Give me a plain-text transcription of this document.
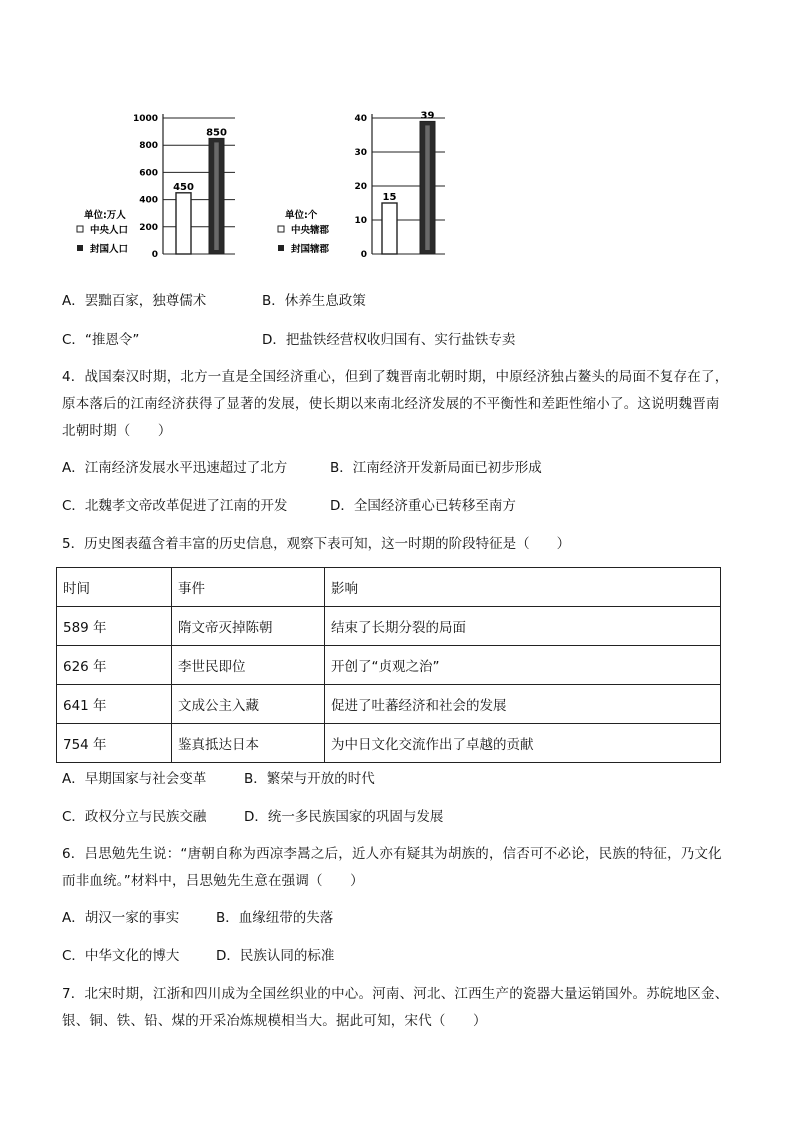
1000
800
600
400
200
0
450
850
单位:万人
中央人口
封国人口
40
30
20
10
0
15
39
单位:个
中央辖郡
封国辖郡
A．罢黜百家，独尊儒术	B．休养生息政策
C．“推恩令”	D．把盐铁经营权收归国有、实行盐铁专卖
4．战国秦汉时期，北方一直是全国经济重心，但到了魏晋南北朝时期，中原经济独占鳌头的局面不复存在了，
原本落后的江南经济获得了显著的发展，使长期以来南北经济发展的不平衡性和差距性缩小了。这说明魏晋南
北朝时期（　　）
A．江南经济发展水平迅速超过了北方	B．江南经济开发新局面已初步形成
C．北魏孝文帝改革促进了江南的开发	D．全国经济重心已转移至南方
5．历史图表蕴含着丰富的历史信息，观察下表可知，这一时期的阶段特征是（　　）
时间	事件	影响
589 年	隋文帝灭掉陈朝	结束了长期分裂的局面
626 年	李世民即位	开创了“贞观之治”
641 年	文成公主入藏	促进了吐蕃经济和社会的发展
754 年	鉴真抵达日本	为中日文化交流作出了卓越的贡献
A．早期国家与社会变革	B．繁荣与开放的时代
C．政权分立与民族交融	D．统一多民族国家的巩固与发展
6．吕思勉先生说：“唐朝自称为西凉李暠之后，近人亦有疑其为胡族的，信否可不必论，民族的特征，乃文化
而非血统。”材料中，吕思勉先生意在强调（　　）
A．胡汉一家的事实	B．血缘纽带的失落
C．中华文化的博大	D．民族认同的标准
7．北宋时期，江浙和四川成为全国丝织业的中心。河南、河北、江西生产的瓷器大量运销国外。苏皖地区金、
银、铜、铁、铅、煤的开采冶炼规模相当大。据此可知，宋代（　　）
